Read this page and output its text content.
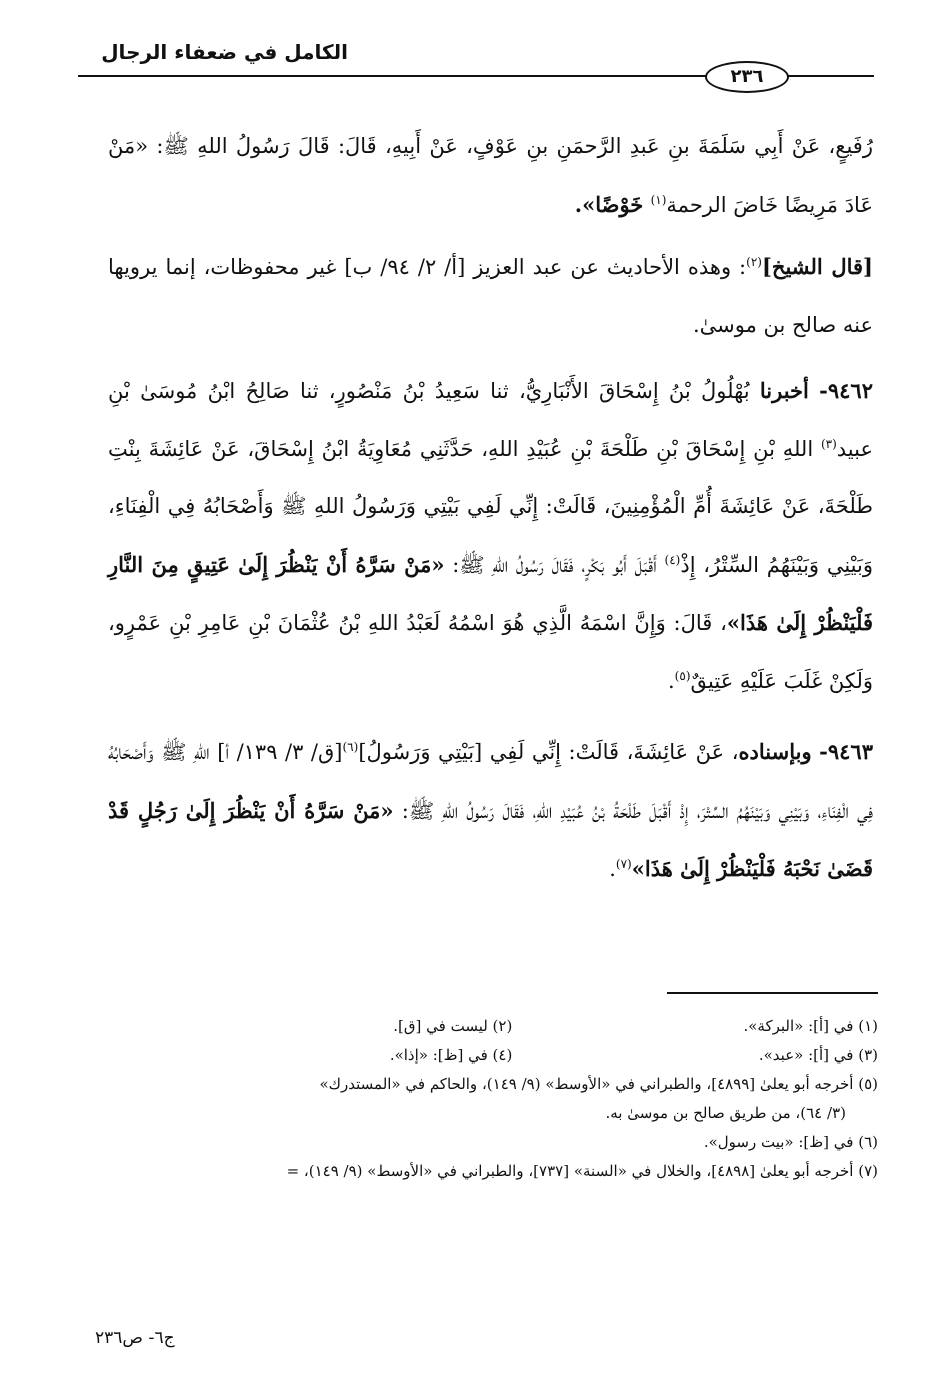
الكامل في ضعفاء الرجال
٢٣٦

رُفَيعٍ، عَنْ أَبِي سَلَمَةَ بنِ عَبدِ الرَّحمَنِ بنِ عَوْفٍ، عَنْ أَبِيهِ، قَالَ: قَالَ رَسُولُ اللهِ ﷺ: «مَنْ عَادَ مَرِيضًا خَاضَ الرحمة$^{(١)}$ خَوْضًا».

[قال الشيخ]$^{(٢)}$: وهذه الأحاديث عن عبد العزيز [أ/ ٢/ ٩٤/ ب] غير محفوظات، إنما يرويها عنه صالح بن موسىٰ.

٩٤٦٢- أخبرنا بُهْلُولُ بْنُ إِسْحَاقَ الأَنْبَارِيُّ، ثنا سَعِيدُ بْنُ مَنْصُورٍ، ثنا صَالِحُ ابْنُ مُوسَىٰ بْنِ عبيد$^{(٣)}$ اللهِ بْنِ إِسْحَاقَ بْنِ طَلْحَةَ بْنِ عُبَيْدِ اللهِ، حَدَّثَنِي مُعَاوِيَةُ ابْنُ إِسْحَاقَ، عَنْ عَائِشَةَ بِنْتِ طَلْحَةَ، عَنْ عَائِشَةَ أُمِّ الْمُؤْمِنِينَ، قَالَتْ: إِنِّي لَفِي بَيْتِي وَرَسُولُ اللهِ ﷺ وَأَصْحَابُهُ فِي الْفِنَاءِ، وَبَيْنِي وَبَيْنَهُمُ السِّتْرُ، إِذْ$^{(٤)}$ أَقْبَلَ أَبُو بَكْرٍ، فَقَالَ رَسُولُ اللهِ ﷺ: «مَنْ سَرَّهُ أَنْ يَنْظُرَ إِلَىٰ عَتِيقٍ مِنَ النَّارِ فَلْيَنْظُرْ إِلَىٰ هَذَا»، قَالَ: وَإِنَّ اسْمَهُ الَّذِي هُوَ اسْمُهُ لَعَبْدُ اللهِ بْنُ عُثْمَانَ بْنِ عَامِرِ بْنِ عَمْرٍو، وَلَكِنْ غَلَبَ عَلَيْهِ عَتِيقٌ$^{(٥)}$.

٩٤٦٣- وبإسناده، عَنْ عَائِشَةَ، قَالَتْ: إِنِّي لَفِي [بَيْتِي وَرَسُولُ]$^{(٦)}$[ق/ ٣/ ١٣٩/ أ] اللهِ ﷺ وَأَصْحَابُهُ فِي الْفِنَاءِ، وَبَيْنِي وَبَيْنَهُمُ السِّتْرَ، إِذْ أَقْبَلَ طَلْحَةُ بْنُ عُبَيْدِ اللهِ، فَقَالَ رَسُولُ اللهِ ﷺ: «مَنْ سَرَّهُ أَنْ يَنْظُرَ إِلَىٰ رَجُلٍ قَدْ قَضَىٰ نَحْبَهُ فَلْيَنْظُرْ إِلَىٰ هَذَا»$^{(٧)}$.

(١) في [أ]: «البركة».
(٢) ليست في [ق].
(٣) في [أ]: «عبد».
(٤) في [ظ]: «إذا».

(٥) أخرجه أبو يعلىٰ [٤٨٩٩]، والطبراني في «الأوسط» (٩/ ١٤٩)، والحاكم في «المستدرك»

(٣/ ٦٤)، من طريق صالح بن موسىٰ به.

(٦) في [ظ]: «بيت رسول».

(٧) أخرجه أبو يعلىٰ [٤٨٩٨]، والخلال في «السنة» [٧٣٧]، والطبراني في «الأوسط» (٩/ ١٤٩)، =

ج٦- ص٢٣٦
